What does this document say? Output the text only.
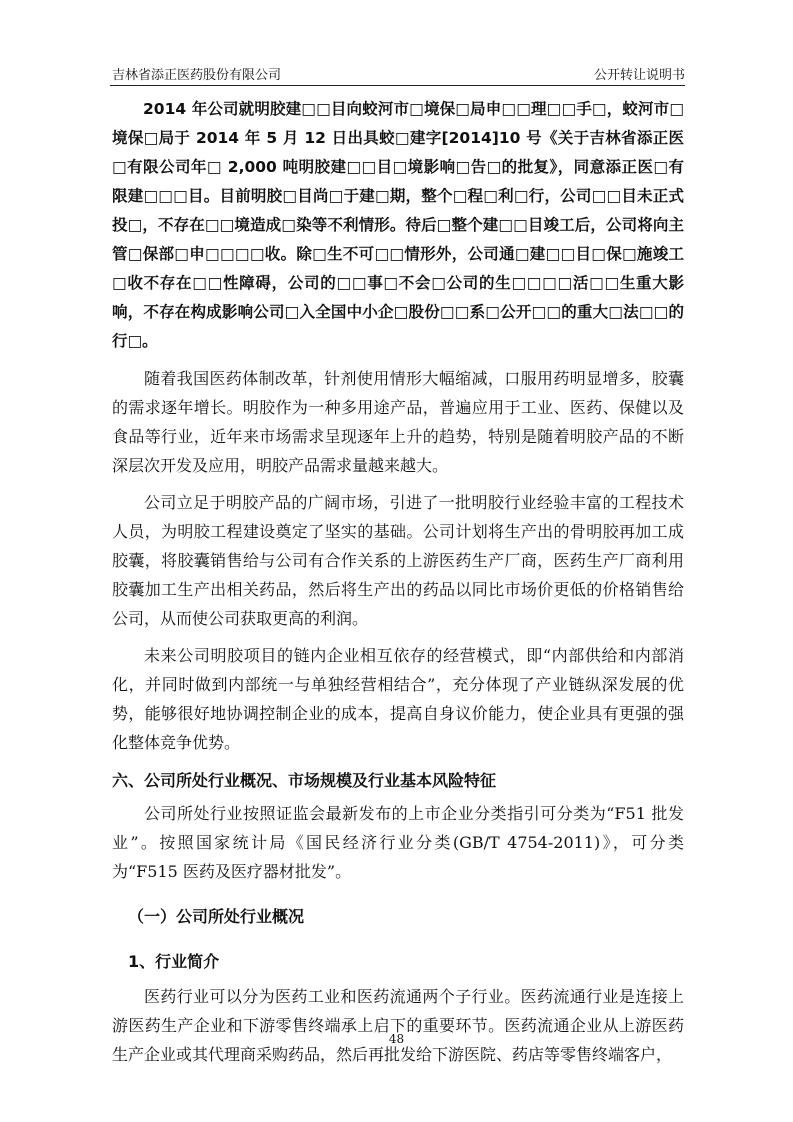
吉林省添正医药股份有限公司	公开转让说明书

2014 年公司就明胶建□□目向蛟河市□境保□局申□□理□□手□，蛟河市□境保□局于 2014 年 5 月 12 日出具蛟□建字[2014]10 号《关于吉林省添正医□有限公司年□ 2,000 吨明胶建□□目□境影响□告□的批复》，同意添正医□有限建□□□目。目前明胶□目尚□于建□期，整个□程□利□行，公司□□目未正式投□，不存在□□境造成□染等不利情形。待后□整个建□□目竣工后，公司将向主管□保部□申□□□□收。除□生不可□□情形外，公司通□建□□目□保□施竣工□收不存在□□性障碍，公司的□□事□不会□公司的生□□□□活□□生重大影响，不存在构成影响公司□入全国中小企□股份□□系□公开□□的重大□法□□的行□。

随着我国医药体制改革，针剂使用情形大幅缩减，口服用药明显增多，胶囊的需求逐年增长。明胶作为一种多用途产品，普遍应用于工业、医药、保健以及食品等行业，近年来市场需求呈现逐年上升的趋势，特别是随着明胶产品的不断深层次开发及应用，明胶产品需求量越来越大。

公司立足于明胶产品的广阔市场，引进了一批明胶行业经验丰富的工程技术人员，为明胶工程建设奠定了坚实的基础。公司计划将生产出的骨明胶再加工成胶囊，将胶囊销售给与公司有合作关系的上游医药生产厂商，医药生产厂商利用胶囊加工生产出相关药品，然后将生产出的药品以同比市场价更低的价格销售给公司，从而使公司获取更高的利润。

未来公司明胶项目的链内企业相互依存的经营模式，即“内部供给和内部消化，并同时做到内部统一与单独经营相结合”，充分体现了产业链纵深发展的优势，能够很好地协调控制企业的成本，提高自身议价能力，使企业具有更强的强化整体竞争优势。

六、公司所处行业概况、市场规模及行业基本风险特征

公司所处行业按照证监会最新发布的上市企业分类指引可分类为“F51 批发业”。按照国家统计局《国民经济行业分类(GB/T 4754-2011)》，可分类为“F515 医药及医疗器材批发”。

（一）公司所处行业概况

1、行业简介

医药行业可以分为医药工业和医药流通两个子行业。医药流通行业是连接上游医药生产企业和下游零售终端承上启下的重要环节。医药流通企业从上游医药生产企业或其代理商采购药品，然后再批发给下游医院、药店等零售终端客户，

48
